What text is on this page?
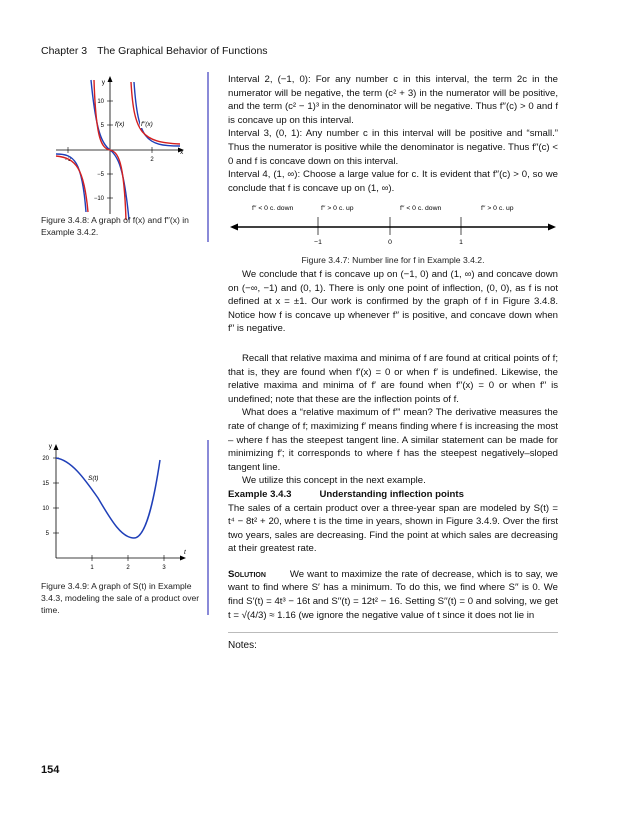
Chapter 3 The Graphical Behavior of Functions
y
x
10
5
−5
−10
−2	2
f(x)	f′′(x)
Figure 3.4.8: A graph of f(x) and f′′(x) in Example 3.4.2.

Interval 2, (−1, 0): For any number c in this interval, the term 2c in the numerator will be negative, the term (c² + 3) in the numerator will be positive, and the term (c² − 1)³ in the denominator will be negative. Thus f′′(c) > 0 and f is concave up on this interval.

Interval 3, (0, 1): Any number c in this interval will be positive and “small.” Thus the numerator is positive while the denominator is negative. Thus f′′(c) < 0 and f is concave down on this interval.

Interval 4, (1, ∞): Choose a large value for c. It is evident that f′′(c) > 0, so we conclude that f is concave up on (1, ∞).

f′′ < 0 c. down	f′′ > 0 c. up	f′′ < 0 c. down	f′′ > 0 c. up
−1	0	1
Figure 3.4.7: Number line for f in Example 3.4.2.

We conclude that f is concave up on (−1, 0) and (1, ∞) and concave down on (−∞, −1) and (0, 1). There is only one point of inflection, (0, 0), as f is not defined at x = ±1. Our work is confirmed by the graph of f in Figure 3.4.8. Notice how f is concave up whenever f′′ is positive, and concave down when f′′ is negative.

Recall that relative maxima and minima of f are found at critical points of f; that is, they are found when f′(x) = 0 or when f′ is undefined. Likewise, the relative maxima and minima of f′ are found when f′′(x) = 0 or when f′′ is undefined; note that these are the inflection points of f.

What does a “relative maximum of f′” mean? The derivative measures the rate of change of f; maximizing f′ means finding where f is increasing the most – where f has the steepest tangent line. A similar statement can be made for minimizing f′; it corresponds to where f has the steepest negatively–sloped tangent line.

We utilize this concept in the next example.

Example 3.4.3	Understanding inflection points

The sales of a certain product over a three-year span are modeled by S(t) = t⁴ − 8t² + 20, where t is the time in years, shown in Figure 3.4.9. Over the first two years, sales are decreasing. Find the point at which sales are decreasing at their greatest rate.

Solution	We want to maximize the rate of decrease, which is to say, we want to find where S′ has a minimum. To do this, we find where S′′ is 0. We find S′(t) = 4t³ − 16t and S′′(t) = 12t² − 16. Setting S′′(t) = 0 and solving, we get t = √(4/3) ≈ 1.16 (we ignore the negative value of t since it does not lie in

y
t
20
15
10
5
1	2	3
S(t)
Figure 3.4.9: A graph of S(t) in Example 3.4.3, modeling the sale of a product over time.
Notes:
154
